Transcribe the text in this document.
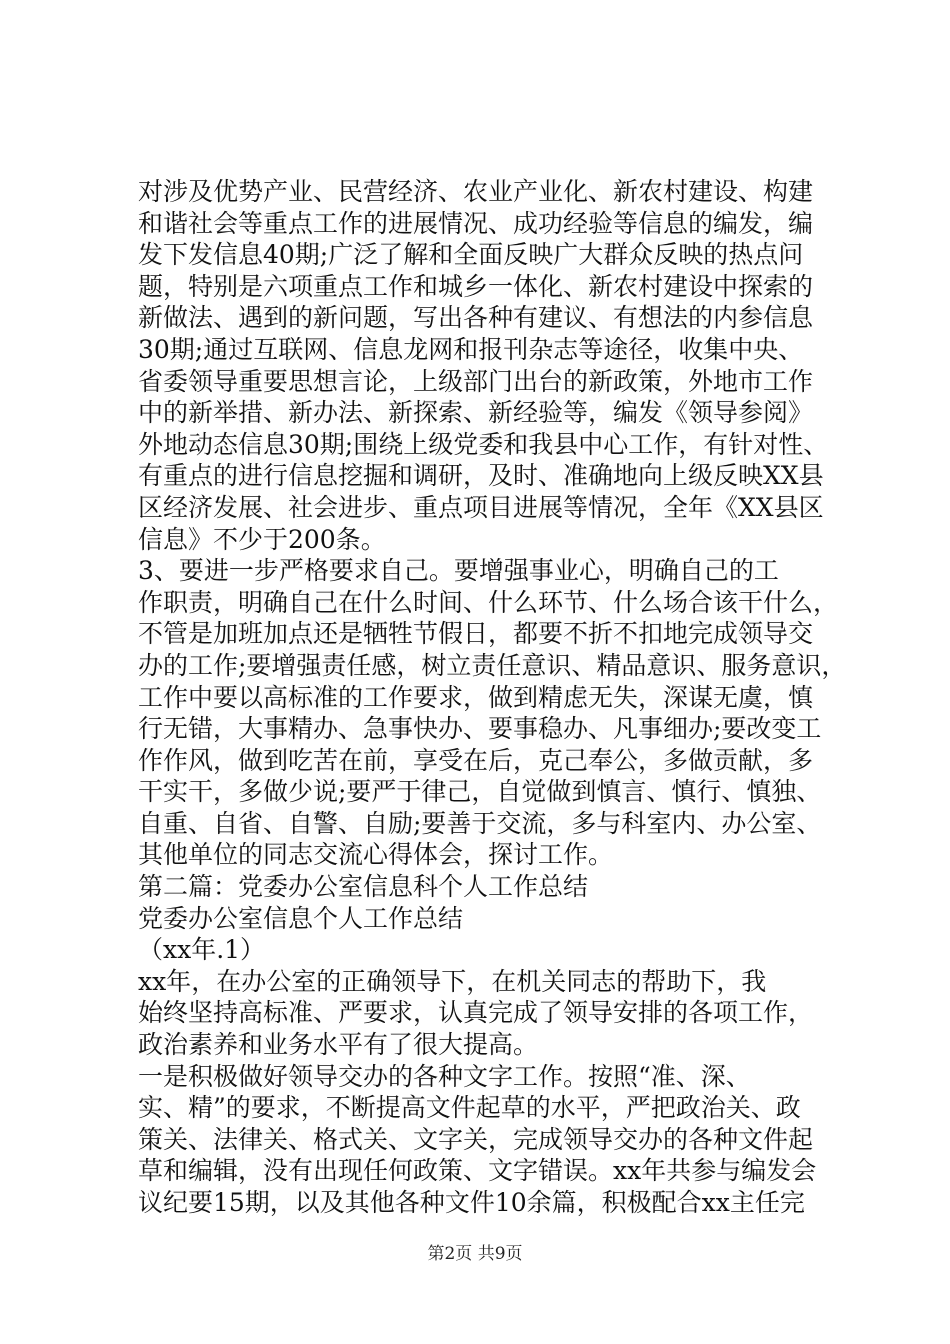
对涉及优势产业、民营经济、农业产业化、新农村建设、构建
和谐社会等重点工作的进展情况、成功经验等信息的编发，编
发下发信息40期;广泛了解和全面反映广大群众反映的热点问
题，特别是六项重点工作和城乡一体化、新农村建设中探索的
新做法、遇到的新问题，写出各种有建议、有想法的内参信息
30期;通过互联网、信息龙网和报刊杂志等途径，收集中央、
省委领导重要思想言论，上级部门出台的新政策，外地市工作
中的新举措、新办法、新探索、新经验等，编发《领导参阅》
外地动态信息30期;围绕上级党委和我县中心工作，有针对性、
有重点的进行信息挖掘和调研，及时、准确地向上级反映XX县
区经济发展、社会进步、重点项目进展等情况，全年《XX县区
信息》不少于200条。
3、要进一步严格要求自己。要增强事业心，明确自己的工
作职责，明确自己在什么时间、什么环节、什么场合该干什么，
不管是加班加点还是牺牲节假日，都要不折不扣地完成领导交
办的工作;要增强责任感，树立责任意识、精品意识、服务意识，
工作中要以高标准的工作要求，做到精虑无失，深谋无虞，慎
行无错，大事精办、急事快办、要事稳办、凡事细办;要改变工
作作风，做到吃苦在前，享受在后，克己奉公，多做贡献，多
干实干，多做少说;要严于律己，自觉做到慎言、慎行、慎独、
自重、自省、自警、自励;要善于交流，多与科室内、办公室、
其他单位的同志交流心得体会，探讨工作。
第二篇：党委办公室信息科个人工作总结
党委办公室信息个人工作总结
（xx年.1）
xx年，在办公室的正确领导下，在机关同志的帮助下，我
始终坚持高标准、严要求，认真完成了领导安排的各项工作，
政治素养和业务水平有了很大提高。
一是积极做好领导交办的各种文字工作。按照“准、深、
实、精”的要求，不断提高文件起草的水平，严把政治关、政
策关、法律关、格式关、文字关，完成领导交办的各种文件起
草和编辑，没有出现任何政策、文字错误。xx年共参与编发会
议纪要15期，以及其他各种文件10余篇，积极配合xx主任完
第2页 共9页
